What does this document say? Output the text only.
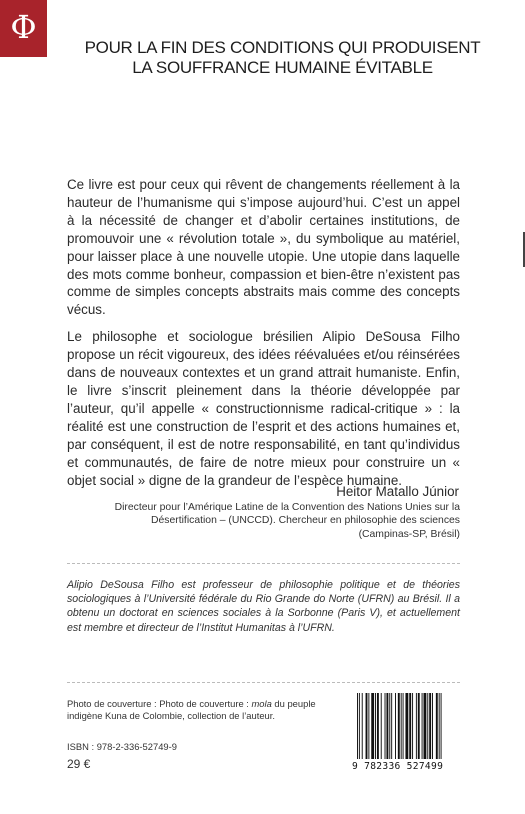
Φ
POUR LA FIN DES CONDITIONS QUI PRODUISENT
LA SOUFFRANCE HUMAINE ÉVITABLE

Ce livre est pour ceux qui rêvent de changements réellement à la hauteur de l’humanisme qui s’impose aujourd’hui. C’est un appel à la nécessité de changer et d’abolir certaines institutions, de promouvoir une « révolution totale », du symbolique au matériel, pour laisser place à une nouvelle utopie. Une utopie dans laquelle des mots comme bonheur, compassion et bien-être n’existent pas comme de simples concepts abstraits mais comme des concepts vécus.

Le philosophe et sociologue brésilien Alipio DeSousa Filho propose un récit vigoureux, des idées réévaluées et/ou réinsérées dans de nouveaux contextes et un grand attrait humaniste. Enfin, le livre s’inscrit pleinement dans la théorie développée par l’auteur, qu’il appelle « constructionnisme radical-critique » : la réalité est une construction de l’esprit et des actions humaines et, par conséquent, il est de notre responsabilité, en tant qu’individus et communautés, de faire de notre mieux pour construire un « objet social » digne de la grandeur de l’espèce humaine.

Heitor Matallo Júnior
Directeur pour l’Amérique Latine de la Convention des Nations Unies sur la
Désertification – (UNCCD). Chercheur en philosophie des sciences (Campinas-SP, Brésil)
Alipio DeSousa Filho est professeur de philosophie politique et de théories sociologiques à l’Université fédérale du Rio Grande do Norte (UFRN) au Brésil. Il a obtenu un doctorat en sciences sociales à la Sorbonne (Paris V), et actuellement est membre et directeur de l’Institut Humanitas à l’UFRN.
Photo de couverture : Photo de couverture : mola du peuple indigène Kuna de Colombie, collection de l’auteur.
ISBN : 978-2-336-52749-9
29 €	9 782336 527499
